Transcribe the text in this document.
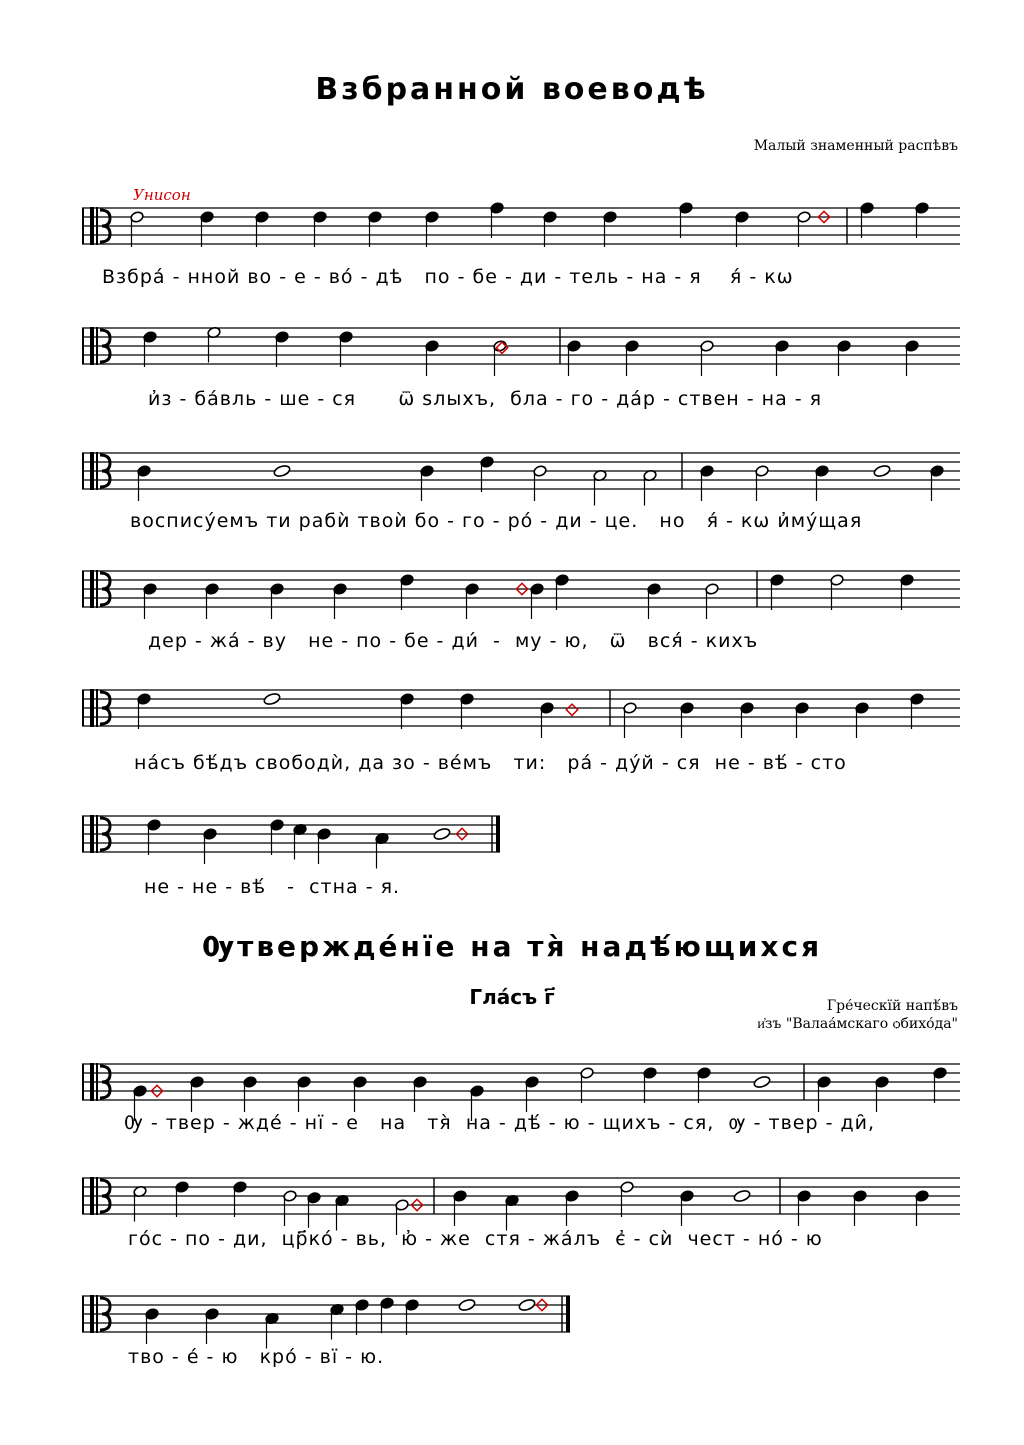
Взбранной воеводѣ
Малый знаменный распѣвъ
Унисон
Ѹтвержде́нїе на тя̀ надѣ́ющихся
Гла́съ г҃	Гре́ческїй напѣ́въ
и҆зъ "Валаа́мскаго ѻбихо́да"
Взбра́ - нной во - е - во́ - дѣ   по - бе - ди - тель - на - я    я́ - кѡ
и҆з - ба́вль - ше - ся      ѿ ѕлыхъ,  бла - го - да́р - ствен - на - я
воспису́емъ ти рабѝ твоѝ бо - го - ро́ - ди - це.   но   я́ - кѡ и҆му́щая
дер - жа́ - ву   не - по - бе - ди́  -  му - ю,   ѿ   вся́ - кихъ
на́съ бѣ́дъ свободѝ, да зо - ве́мъ   ти:   ра́ - ду́й - ся  не - вѣ́ - сто
не - не - вѣ́   -  стна - я.
Ѹ - твер - жде́ - нї - е   на   тя̀  на - дѣ́ - ю - щихъ - ся,  ѹ - твер - ди̑,
го́с - по - ди,  цр҃ко́ - вь,  ю҆ - же  стя - жа́лъ  є҆ - сѝ  чест - но́ - ю
тво - е́ - ю   кро́ - вї - ю.
